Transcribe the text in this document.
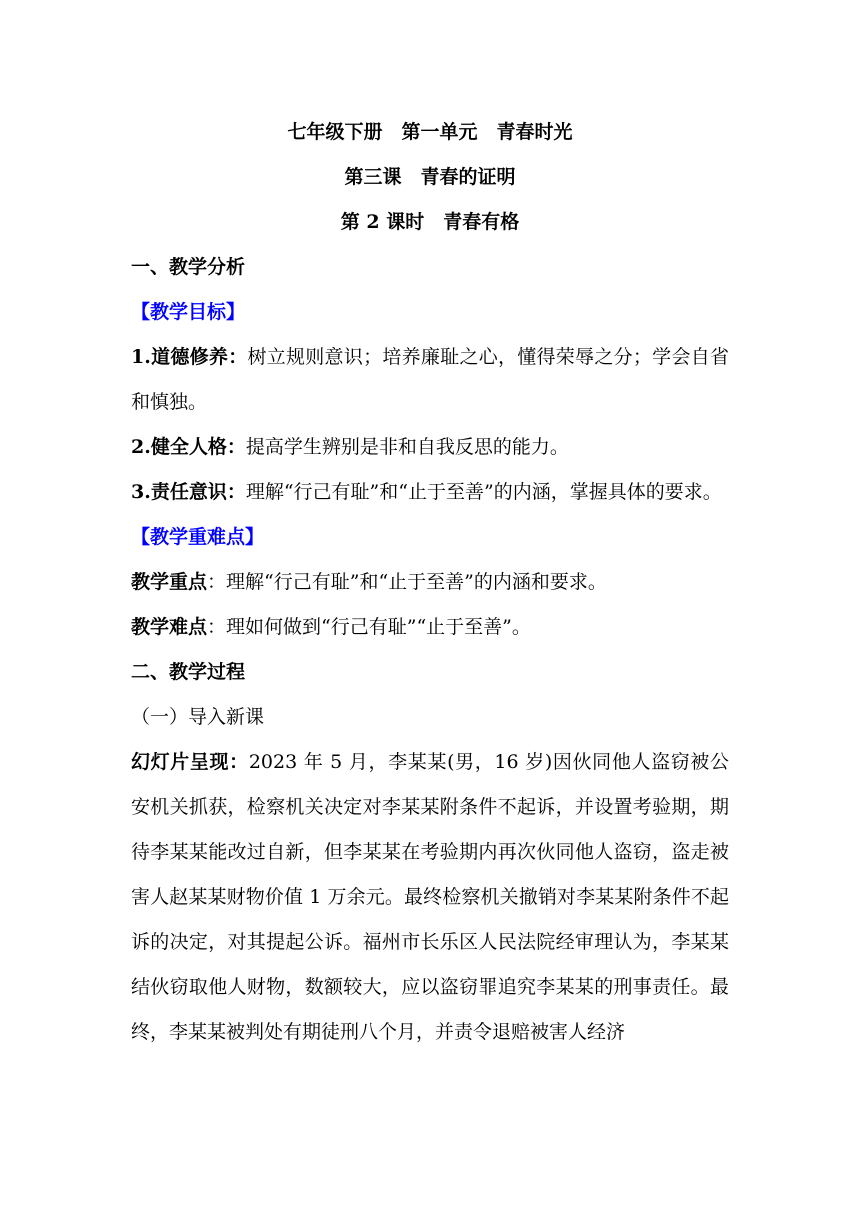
七年级下册　第一单元　青春时光
第三课　青春的证明
第 2 课时　青春有格
一、教学分析
【教学目标】

1.道德修养：树立规则意识；培养廉耻之心，懂得荣辱之分；学会自省和慎独。

2.健全人格：提高学生辨别是非和自我反思的能力。

3.责任意识：理解“行己有耻”和“止于至善”的内涵，掌握具体的要求。

【教学重难点】

教学重点：理解“行己有耻”和“止于至善”的内涵和要求。

教学难点：理如何做到“行己有耻”“止于至善”。

二、教学过程
（一）导入新课

幻灯片呈现：2023 年 5 月，李某某(男，16 岁)因伙同他人盗窃被公安机关抓获，检察机关决定对李某某附条件不起诉，并设置考验期，期待李某某能改过自新，但李某某在考验期内再次伙同他人盗窃，盗走被害人赵某某财物价值 1 万余元。最终检察机关撤销对李某某附条件不起诉的决定，对其提起公诉。福州市长乐区人民法院经审理认为，李某某结伙窃取他人财物，数额较大，应以盗窃罪追究李某某的刑事责任。最终，李某某被判处有期徒刑八个月，并责令退赔被害人经济
